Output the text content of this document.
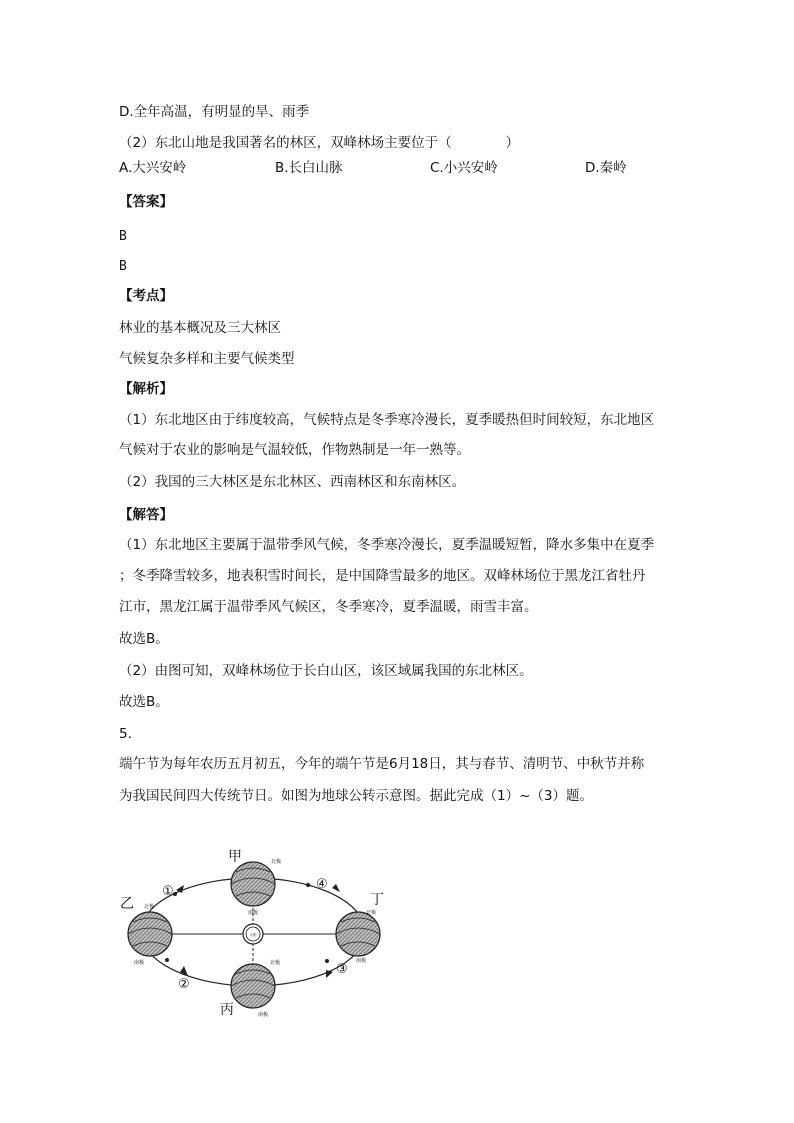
D.全年高温，有明显的旱、雨季
（2）东北山地是我国著名的林区，双峰林场主要位于（　　　　）
A.大兴安岭	B.长白山脉	C.小兴安岭	D.秦岭
【答案】
B
B
【考点】
林业的基本概况及三大林区
气候复杂多样和主要气候类型
【解析】
（1）东北地区由于纬度较高，气候特点是冬季寒冷漫长，夏季暖热但时间较短，东北地区
气候对于农业的影响是气温较低，作物熟制是一年一熟等。
（2）我国的三大林区是东北林区、西南林区和东南林区。
【解答】
（1）东北地区主要属于温带季风气候，冬季寒冷漫长，夏季温暖短暂，降水多集中在夏季
；冬季降雪较多，地表积雪时间长，是中国降雪最多的地区。双峰林场位于黑龙江省牡丹
江市，黑龙江属于温带季风气候区，冬季寒冷，夏季温暖，雨雪丰富。
故选B。
（2）由图可知，双峰林场位于长白山区，该区域属我国的东北林区。
故选B。
5.
端午节为每年农历五月初五，今年的端午节是6月18日，其与春节、清明节、中秋节并称
为我国民间四大传统节日。如图为地球公转示意图。据此完成（1）~（3）题。
太阳
南极
北极
甲
北极
南极
乙
北极
南极
丙
北极
南极
丁
①
②
③
④
